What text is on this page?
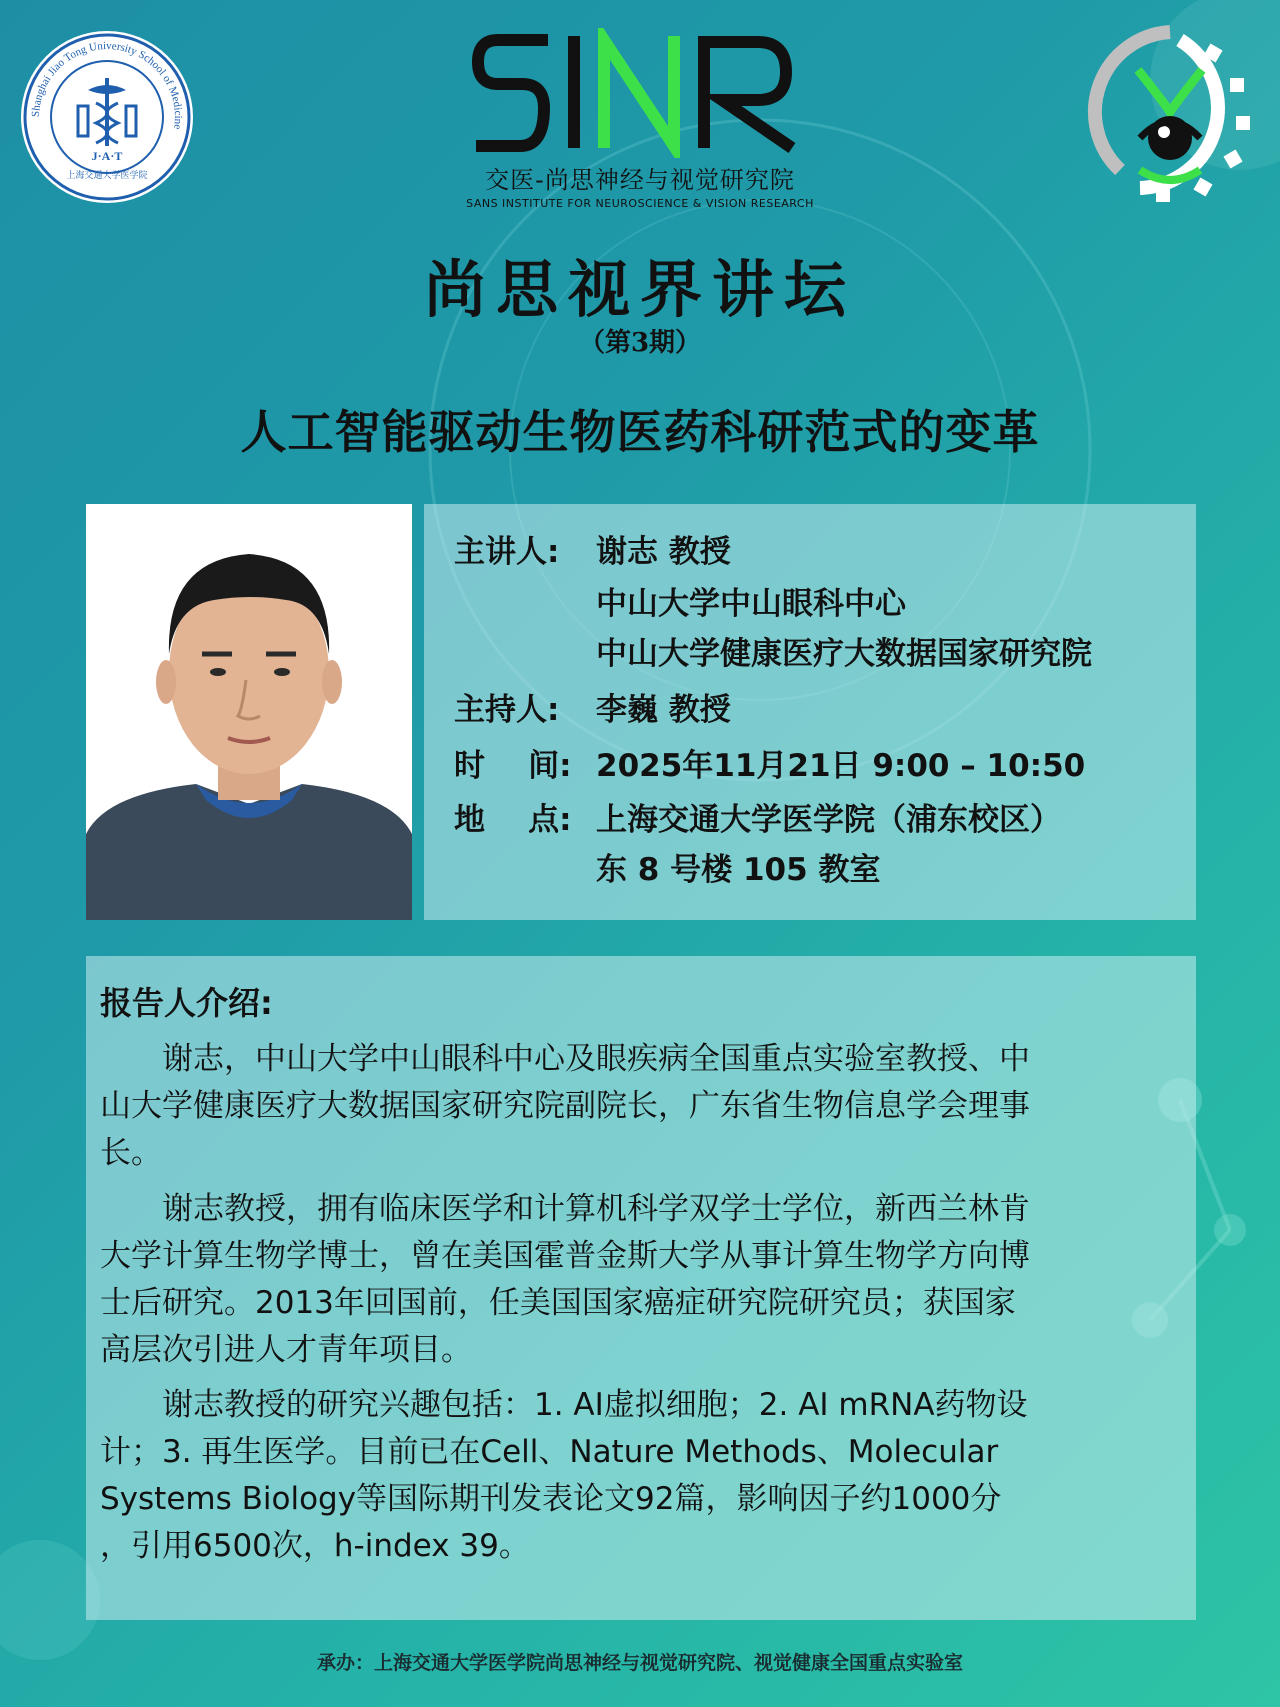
Shanghai Jiao Tong University School of Medicine
J·A·T
上海交通大学医学院	交医-尚思神经与视觉研究院
SANS INSTITUTE FOR NEUROSCIENCE & VISION RESEARCH
尚思视界讲坛
（第3期）
人工智能驱动生物医药科研范式的变革
主讲人:	谢志 教授
中山大学中山眼科中心
中山大学健康医疗大数据国家研究院
主持人:	李巍 教授
时    间: 2025年11月21日 9:00 – 10:50
地    点: 上海交通大学医学院（浦东校区）
东 8 号楼 105 教室
报告人介绍:
　　谢志，中山大学中山眼科中心及眼疾病全国重点实验室教授、中
山大学健康医疗大数据国家研究院副院长，广东省生物信息学会理事
长。
　　谢志教授，拥有临床医学和计算机科学双学士学位，新西兰林肯
大学计算生物学博士，曾在美国霍普金斯大学从事计算生物学方向博
士后研究。2013年回国前，任美国国家癌症研究院研究员；获国家
高层次引进人才青年项目。
　　谢志教授的研究兴趣包括：1. AI虚拟细胞；2. AI mRNA药物设
计；3. 再生医学。目前已在Cell、Nature Methods、Molecular
Systems Biology等国际期刊发表论文92篇，影响因子约1000分
，引用6500次，h-index 39。
承办：上海交通大学医学院尚思神经与视觉研究院、视觉健康全国重点实验室
